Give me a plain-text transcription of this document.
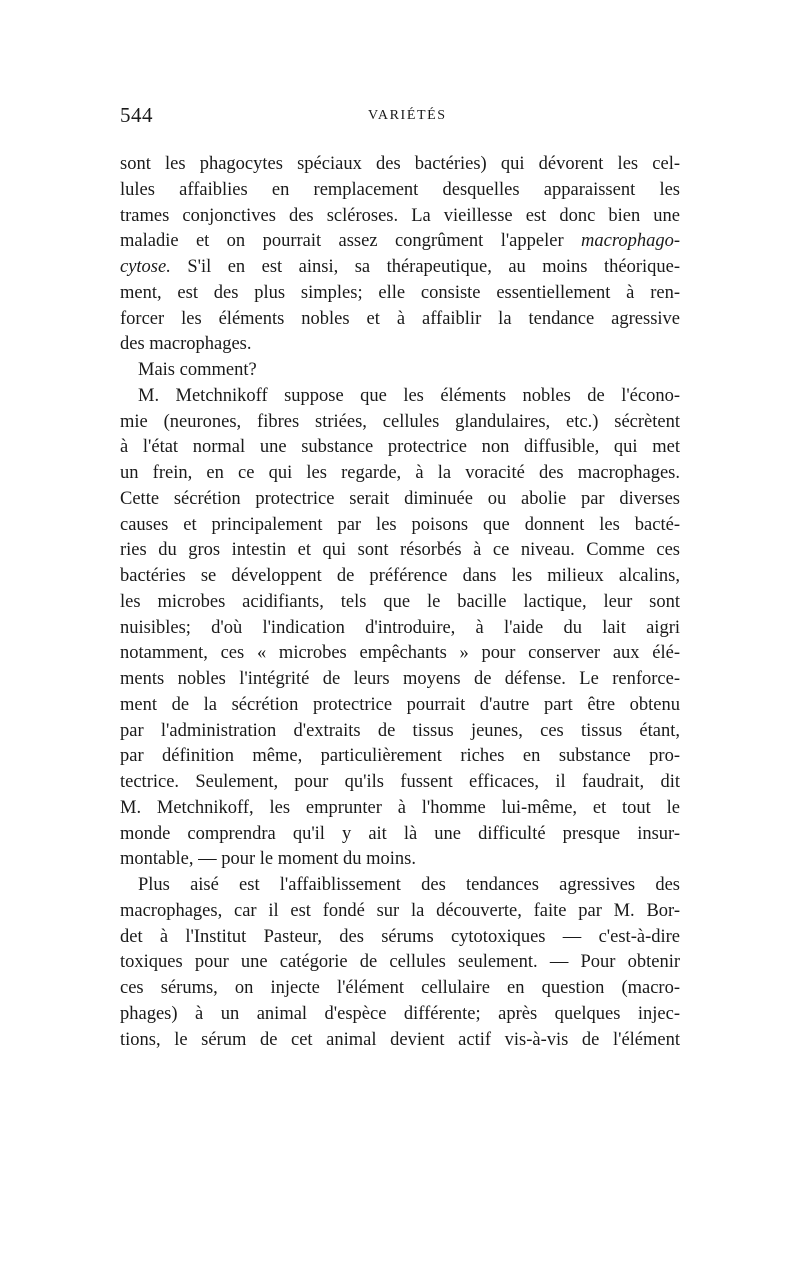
544	VARIÉTÉS
sont les phagocytes spéciaux des bactéries) qui dévorent les cel-
lules affaiblies en remplacement desquelles apparaissent les
trames conjonctives des scléroses. La vieillesse est donc bien une
maladie et on pourrait assez congrûment l'appeler macrophago-
cytose. S'il en est ainsi, sa thérapeutique, au moins théorique-
ment, est des plus simples; elle consiste essentiellement à ren-
forcer les éléments nobles et à affaiblir la tendance agressive
des macrophages.
Mais comment?
M. Metchnikoff suppose que les éléments nobles de l'écono-
mie (neurones, fibres striées, cellules glandulaires, etc.) sécrètent
à l'état normal une substance protectrice non diffusible, qui met
un frein, en ce qui les regarde, à la voracité des macrophages.
Cette sécrétion protectrice serait diminuée ou abolie par diverses
causes et principalement par les poisons que donnent les bacté-
ries du gros intestin et qui sont résorbés à ce niveau. Comme ces
bactéries se développent de préférence dans les milieux alcalins,
les microbes acidifiants, tels que le bacille lactique, leur sont
nuisibles; d'où l'indication d'introduire, à l'aide du lait aigri
notamment, ces « microbes empêchants » pour conserver aux élé-
ments nobles l'intégrité de leurs moyens de défense. Le renforce-
ment de la sécrétion protectrice pourrait d'autre part être obtenu
par l'administration d'extraits de tissus jeunes, ces tissus étant,
par définition même, particulièrement riches en substance pro-
tectrice. Seulement, pour qu'ils fussent efficaces, il faudrait, dit
M. Metchnikoff, les emprunter à l'homme lui-même, et tout le
monde comprendra qu'il y ait là une difficulté presque insur-
montable, — pour le moment du moins.
Plus aisé est l'affaiblissement des tendances agressives des
macrophages, car il est fondé sur la découverte, faite par M. Bor-
det à l'Institut Pasteur, des sérums cytotoxiques — c'est-à-dire
toxiques pour une catégorie de cellules seulement. — Pour obtenir
ces sérums, on injecte l'élément cellulaire en question (macro-
phages) à un animal d'espèce différente; après quelques injec-
tions, le sérum de cet animal devient actif vis-à-vis de l'élément
